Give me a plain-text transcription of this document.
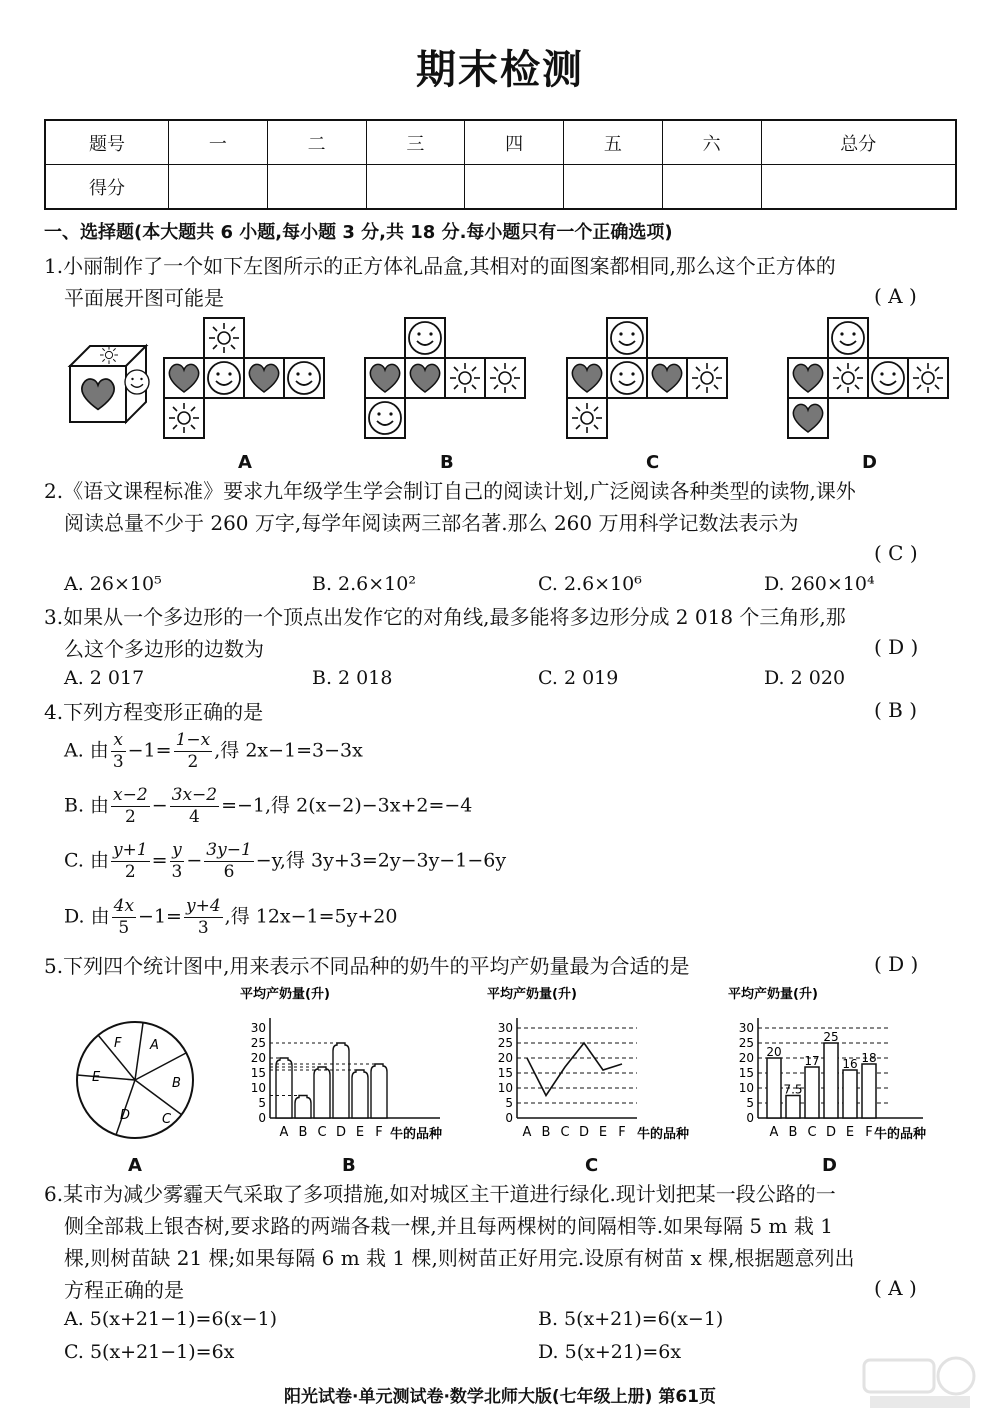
期末检测
题号	一	二	三	四	五	六	总分
得分							
一、选择题(本大题共 6 小题,每小题 3 分,共 18 分.每小题只有一个正确选项)
1.小丽制作了一个如下左图所示的正方体礼品盒,其相对的面图案都相同,那么这个正方体的
平面展开图可能是	( A )
A	B	C	D
2.《语文课程标准》要求九年级学生学会制订自己的阅读计划,广泛阅读各种类型的读物,课外
阅读总量不少于 260 万字,每学年阅读两三部名著.那么 260 万用科学记数法表示为
( C )
A. 26×10⁵	B. 2.6×10²	C. 2.6×10⁶	D. 260×10⁴
3.如果从一个多边形的一个顶点出发作它的对角线,最多能将多边形分成 2 018 个三角形,那
么这个多边形的边数为	( D )
A. 2 017	B. 2 018	C. 2 019	D. 2 020
4.下列方程变形正确的是	( B )
A. 由 $\frac{x}{3} -1= \frac{1-x}{2}$ ,得 2x−1=3−3x
B. 由 $\frac{x-2}{2} - \frac{3x-2}{4} =-1$,得 2(x−2)−3x+2=−4
C. 由 $\frac{y+1}{2} = \frac{y}{3} - \frac{3y-1}{6} -y$,得 3y+3=2y−3y−1−6y
D. 由 $\frac{4x}{5} -1= \frac{y+4}{3}$ ,得 12x−1=5y+20
5.下列四个统计图中,用来表示不同品种的奶牛的平均产奶量最为合适的是	( D )
F A
B
C
D
E
平均产奶量(升)
30
25
20
15
10
5
0
A B C D E F 牛的品种
平均产奶量(升)
30
25
20
15
10
5
0
A B C D E F 牛的品种
平均产奶量(升)
30
25
20
15
10
5
0
20
7.5
17
25
16 18
A B C D E F 牛的品种
A	B	C	D
6.某市为减少雾霾天气采取了多项措施,如对城区主干道进行绿化.现计划把某一段公路的一
侧全部栽上银杏树,要求路的两端各栽一棵,并且每两棵树的间隔相等.如果每隔 5 m 栽 1
棵,则树苗缺 21 棵;如果每隔 6 m 栽 1 棵,则树苗正好用完.设原有树苗 x 棵,根据题意列出
方程正确的是	( A )
A. 5(x+21−1)=6(x−1)	B. 5(x+21)=6(x−1)
C. 5(x+21−1)=6x	D. 5(x+21)=6x
阳光试卷·单元测试卷·数学北师大版(七年级上册) 第61页
